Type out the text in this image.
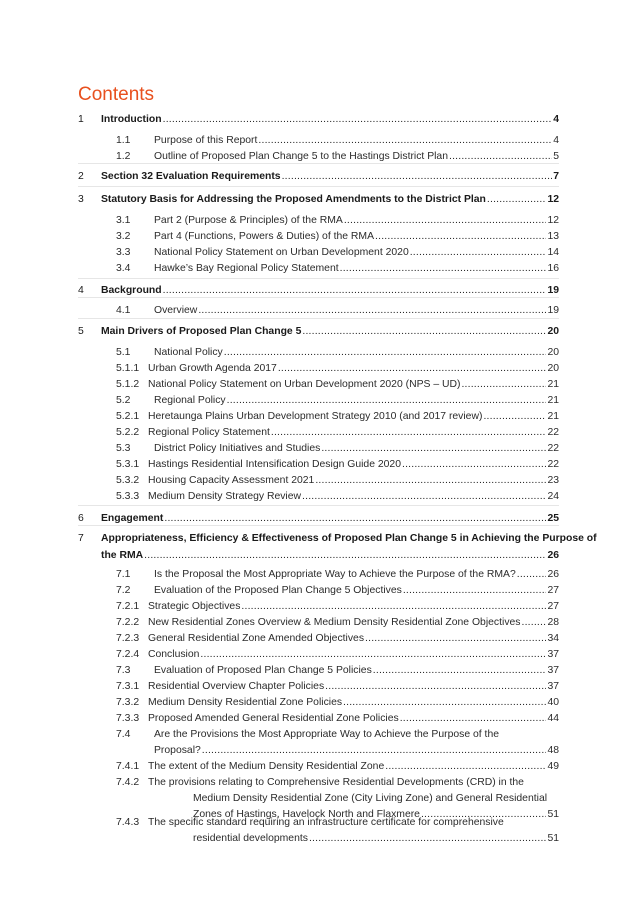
Contents
1	Introduction .....	4
1.1	Purpose of this Report .....	4
1.2	Outline of Proposed Plan Change 5 to the Hastings District Plan .....	5
2	Section 32 Evaluation Requirements .....	7
3	Statutory Basis for Addressing the Proposed Amendments to the District Plan .....	12
3.1	Part 2 (Purpose & Principles) of the RMA .....	12
3.2	Part 4 (Functions, Powers & Duties) of the RMA .....	13
3.3	National Policy Statement on Urban Development 2020 .....	14
3.4	Hawke’s Bay Regional Policy Statement .....	16
4	Background .....	19
4.1	Overview .....	19
5	Main Drivers of Proposed Plan Change 5 .....	20
5.1	National Policy .....	20
5.1.1 Urban Growth Agenda 2017 .....	20
5.1.2 National Policy Statement on Urban Development 2020 (NPS – UD) .....	21
5.2	Regional Policy .....	21
5.2.1 Heretaunga Plains Urban Development Strategy 2010 (and 2017 review) .....	21
5.2.2 Regional Policy Statement .....	22
5.3	District Policy Initiatives and Studies .....	22
5.3.1 Hastings Residential Intensification Design Guide 2020 .....	22
5.3.2 Housing Capacity Assessment 2021 .....	23
5.3.3 Medium Density Strategy Review .....	24
6	Engagement .....	25
7	Appropriateness, Efficiency & Effectiveness of Proposed Plan Change 5 in Achieving the Purpose of
the RMA .....	26
7.1	Is the Proposal the Most Appropriate Way to Achieve the Purpose of the RMA? .....	26
7.2	Evaluation of the Proposed Plan Change 5 Objectives .....	27
7.2.1 Strategic Objectives .....	27
7.2.2 New Residential Zones Overview & Medium Density Residential Zone Objectives .....	28
7.2.3 General Residential Zone Amended Objectives .....	34
7.2.4 Conclusion .....	37
7.3	Evaluation of Proposed Plan Change 5 Policies .....	37
7.3.1 Residential Overview Chapter Policies .....	37
7.3.2 Medium Density Residential Zone Policies .....	40
7.3.3 Proposed Amended General Residential Zone Policies .....	44
7.4	Are the Provisions the Most Appropriate Way to Achieve the Purpose of the
Proposal? .....	48
7.4.1 The extent of the Medium Density Residential Zone .....	49
7.4.2 The provisions relating to Comprehensive Residential Developments (CRD) in the
Medium Density Residential Zone (City Living Zone) and General Residential
Zones of Hastings, Havelock North and Flaxmere .....	51
7.4.3 The specific standard requiring an infrastructure certificate for comprehensive
residential developments .....	51
